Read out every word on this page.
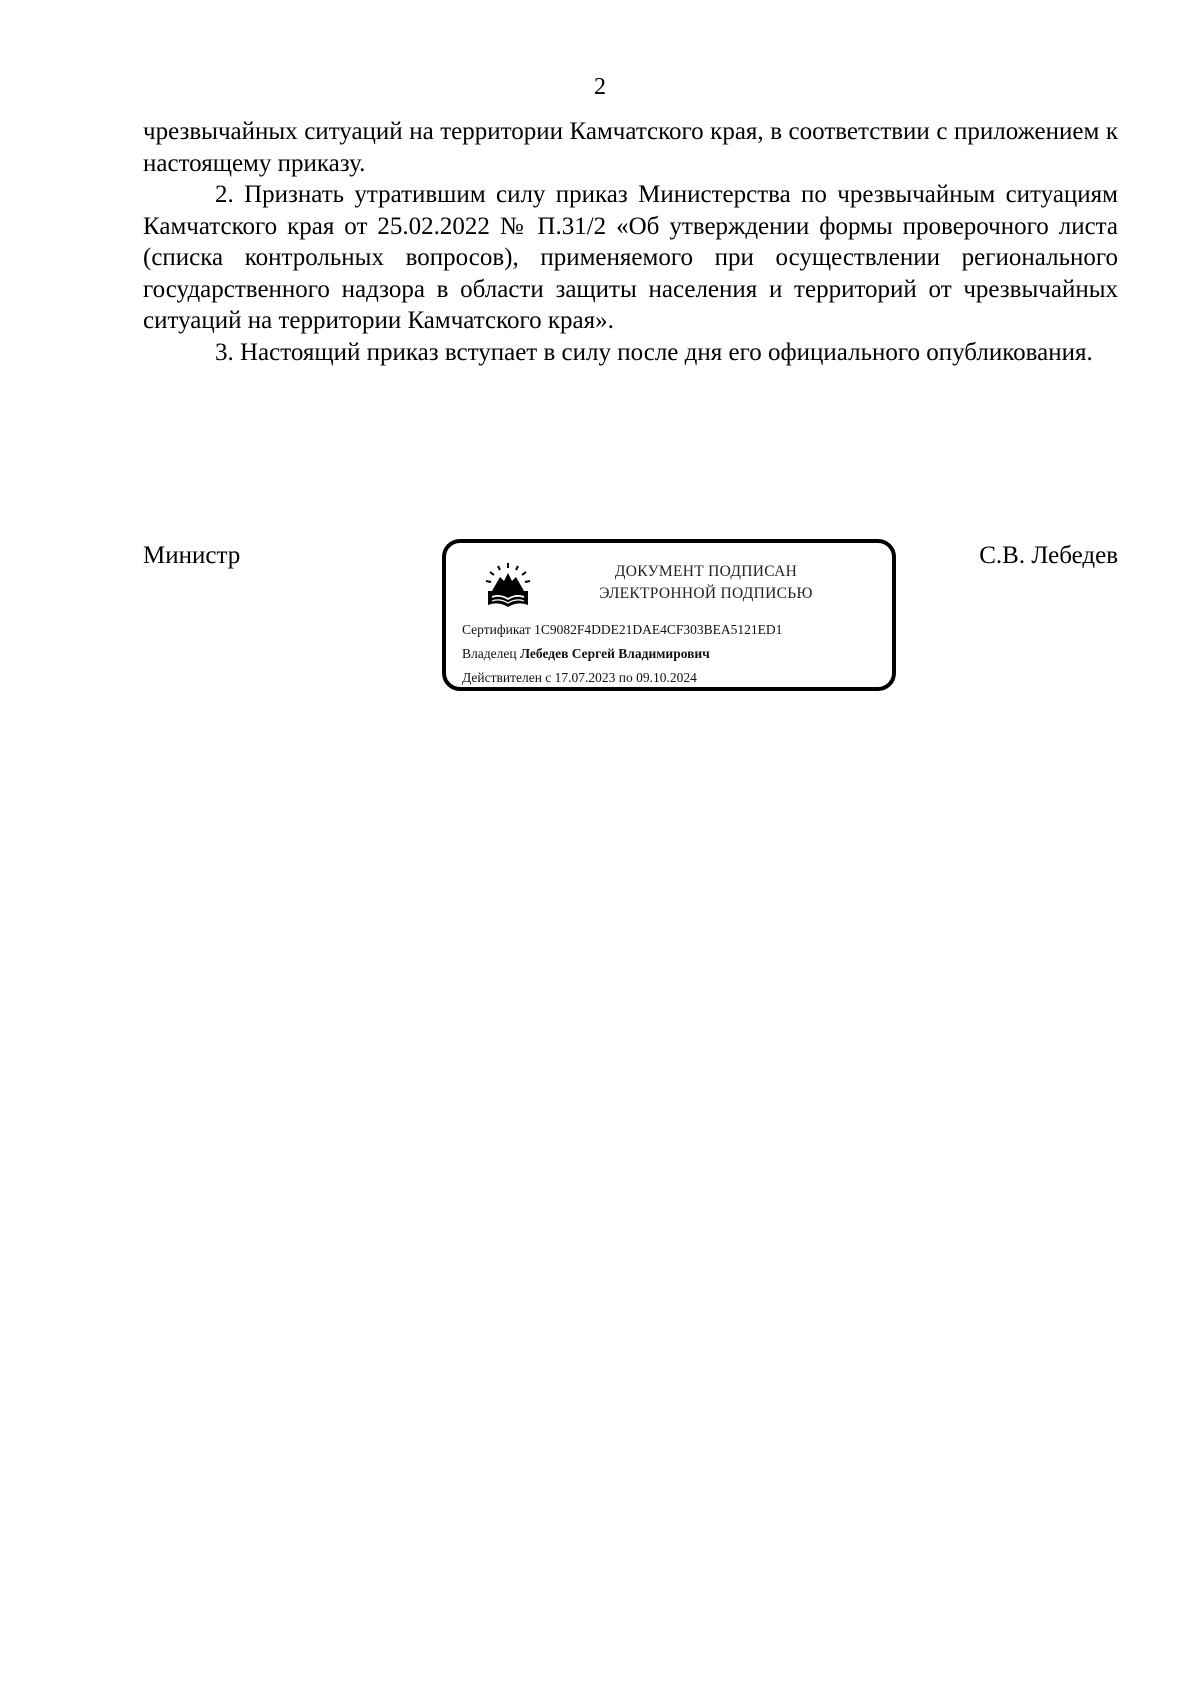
2

чрезвычайных ситуаций на территории Камчатского края, в соответствии с приложением к настоящему приказу.

2. Признать утратившим силу приказ Министерства по чрезвычайным ситуациям Камчатского края от 25.02.2022 № П.31/2 «Об утверждении формы проверочного листа (списка контрольных вопросов), применяемого при осуществлении регионального государственного надзора в области защиты населения и территорий от чрезвычайных ситуаций на территории Камчатского края».

3. Настоящий приказ вступает в силу после дня его официального опубликования.

Министр
ДОКУМЕНТ ПОДПИСАН
ЭЛЕКТРОННОЙ ПОДПИСЬЮ
Сертификат 1C9082F4DDE21DAE4CF303BEA5121ED1
Владелец Лебедев Сергей Владимирович
Действителен с 17.07.2023 по 09.10.2024
С.В. Лебедев
